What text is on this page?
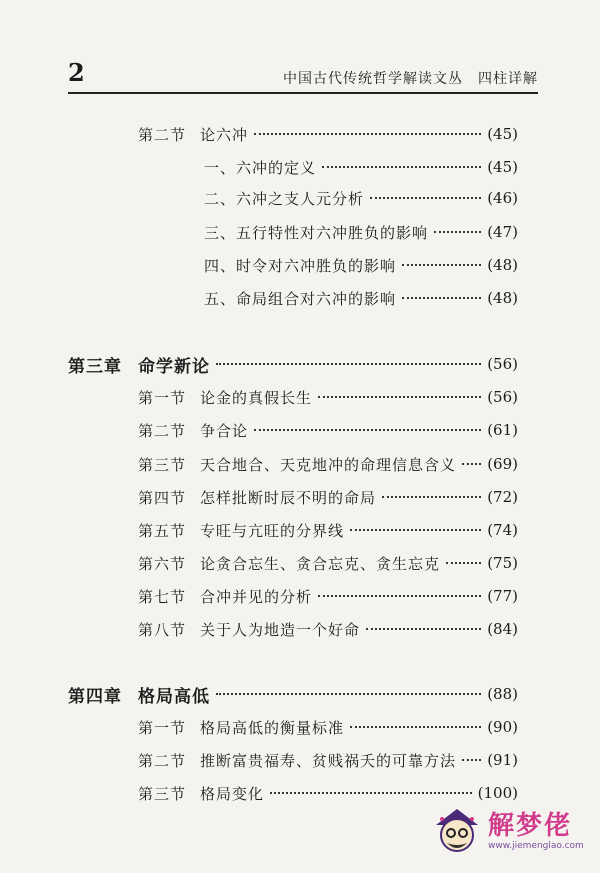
2	中国古代传统哲学解读文丛　四柱详解
第二节 论六冲	(45)
一、六冲的定义	(45)
二、六冲之支人元分析	(46)
三、五行特性对六冲胜负的影响	(47)
四、时令对六冲胜负的影响	(48)
五、命局组合对六冲的影响	(48)
第三章 命学新论	(56)
第一节 论金的真假长生	(56)
第二节 争合论	(61)
第三节 天合地合、天克地冲的命理信息含义 (69)
第四节 怎样批断时辰不明的命局	(72)
第五节 专旺与亢旺的分界线	(74)
第六节 论贪合忘生、贪合忘克、贪生忘克	(75)
第七节 合冲并见的分析	(77)
第八节 关于人为地造一个好命	(84)
第四章 格局高低	(88)
第一节 格局高低的衡量标准	(90)
第二节 推断富贵福寿、贫贱祸夭的可靠方法 (91)
第三节 格局变化	(100)
解梦佬
www.jiemenglao.com
